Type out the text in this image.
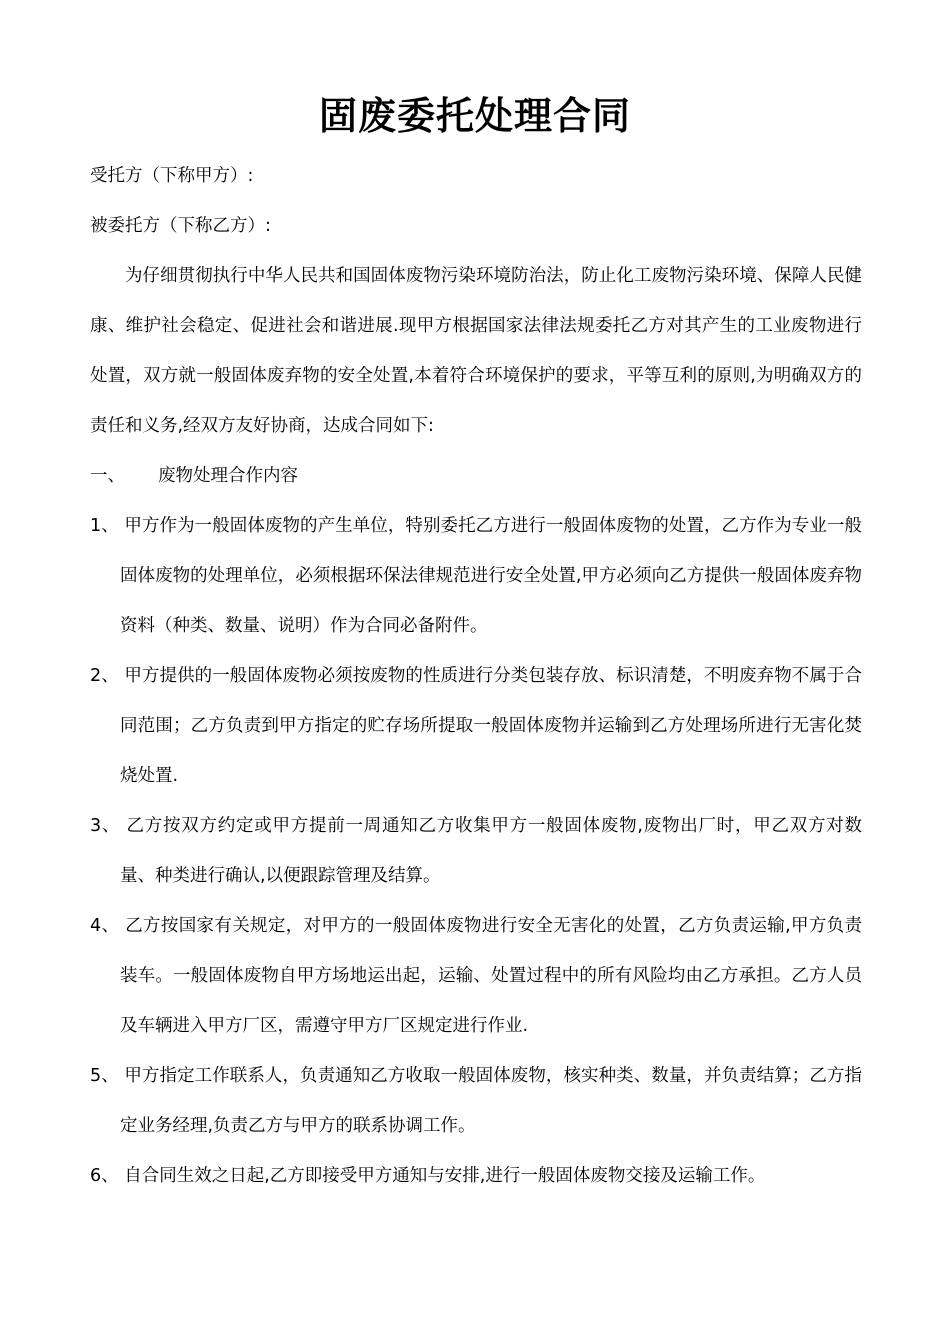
固废委托处理合同

受托方（下称甲方）:

被委托方（下称乙方）:

为仔细贯彻执行中华人民共和国固体废物污染环境防治法，防止化工废物污染环境、保障人民健康、维护社会稳定、促进社会和谐进展.现甲方根据国家法律法规委托乙方对其产生的工业废物进行处置，双方就一般固体废弃物的安全处置,本着符合环境保护的要求，平等互利的原则,为明确双方的责任和义务,经双方友好协商，达成合同如下:

一、 废物处理合作内容

1、 甲方作为一般固体废物的产生单位，特别委托乙方进行一般固体废物的处置，乙方作为专业一般固体废物的处理单位，必须根据环保法律规范进行安全处置,甲方必须向乙方提供一般固体废弃物资料（种类、数量、说明）作为合同必备附件。

2、 甲方提供的一般固体废物必须按废物的性质进行分类包装存放、标识清楚，不明废弃物不属于合同范围；乙方负责到甲方指定的贮存场所提取一般固体废物并运输到乙方处理场所进行无害化焚烧处置.

3、 乙方按双方约定或甲方提前一周通知乙方收集甲方一般固体废物,废物出厂时，甲乙双方对数量、种类进行确认,以便跟踪管理及结算。

4、 乙方按国家有关规定，对甲方的一般固体废物进行安全无害化的处置，乙方负责运输,甲方负责装车。一般固体废物自甲方场地运出起，运输、处置过程中的所有风险均由乙方承担。乙方人员及车辆进入甲方厂区，需遵守甲方厂区规定进行作业.

5、 甲方指定工作联系人，负责通知乙方收取一般固体废物，核实种类、数量，并负责结算；乙方指定业务经理,负责乙方与甲方的联系协调工作。

6、 自合同生效之日起,乙方即接受甲方通知与安排,进行一般固体废物交接及运输工作。
